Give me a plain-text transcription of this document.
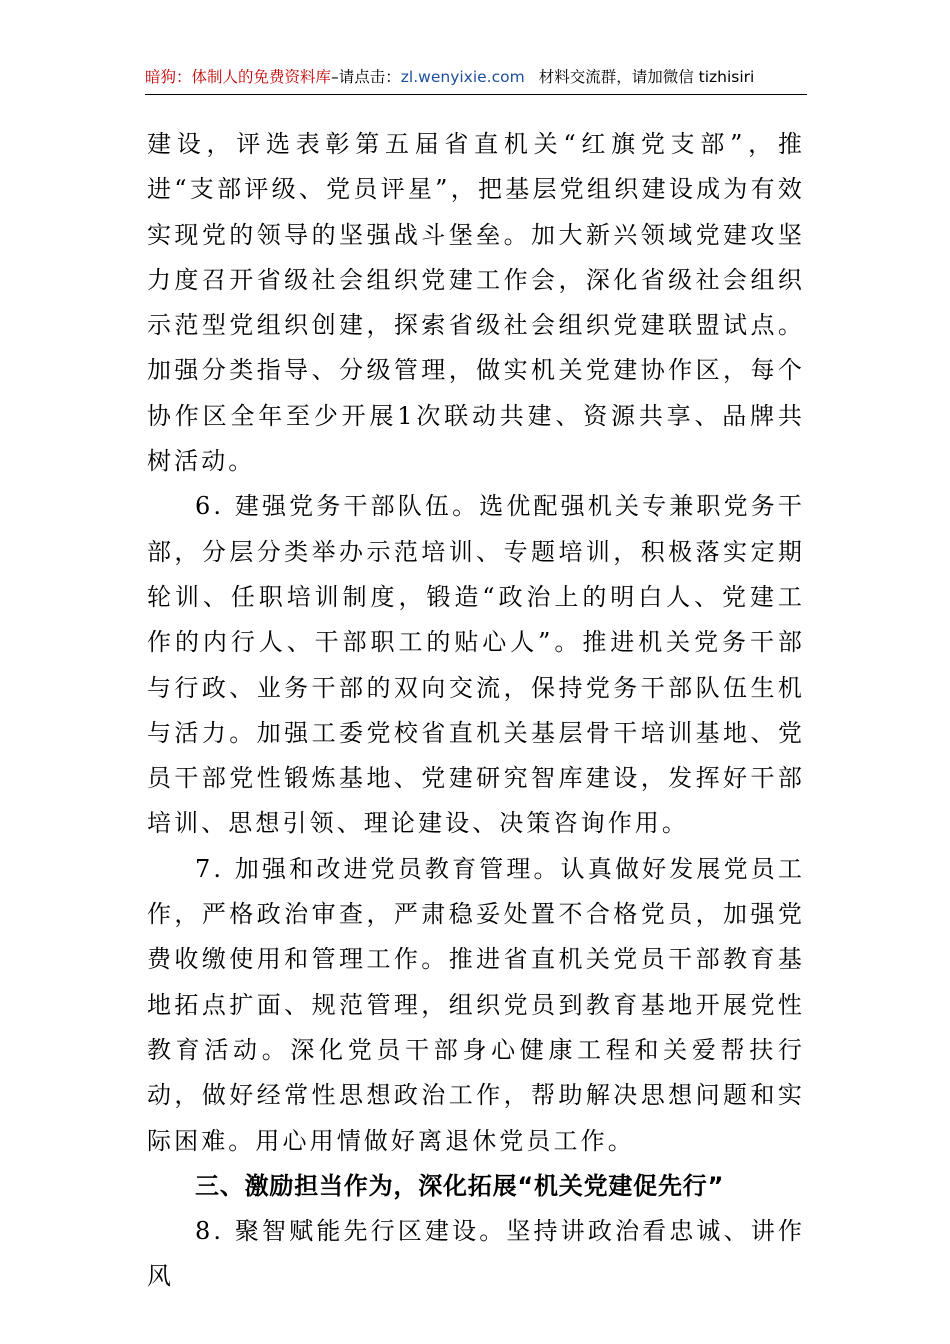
暗狗：体制人的免费资料库–请点击：zl.wenyixie.com 材料交流群，请加微信 tizhisiri

建设，评选表彰第五届省直机关“红旗党支部”，推进“支部评级、党员评星”，把基层党组织建设成为有效实现党的领导的坚强战斗堡垒。加大新兴领域党建攻坚力度召开省级社会组织党建工作会，深化省级社会组织示范型党组织创建，探索省级社会组织党建联盟试点。加强分类指导、分级管理，做实机关党建协作区，每个协作区全年至少开展1次联动共建、资源共享、品牌共树活动。

6. 建强党务干部队伍。选优配强机关专兼职党务干部，分层分类举办示范培训、专题培训，积极落实定期轮训、任职培训制度，锻造“政治上的明白人、党建工作的内行人、干部职工的贴心人”。推进机关党务干部与行政、业务干部的双向交流，保持党务干部队伍生机与活力。加强工委党校省直机关基层骨干培训基地、党员干部党性锻炼基地、党建研究智库建设，发挥好干部培训、思想引领、理论建设、决策咨询作用。

7. 加强和改进党员教育管理。认真做好发展党员工作，严格政治审查，严肃稳妥处置不合格党员，加强党费收缴使用和管理工作。推进省直机关党员干部教育基地拓点扩面、规范管理，组织党员到教育基地开展党性教育活动。深化党员干部身心健康工程和关爱帮扶行动，做好经常性思想政治工作，帮助解决思想问题和实际困难。用心用情做好离退休党员工作。

三、激励担当作为，深化拓展“机关党建促先行”

8. 聚智赋能先行区建设。坚持讲政治看忠诚、讲作风
